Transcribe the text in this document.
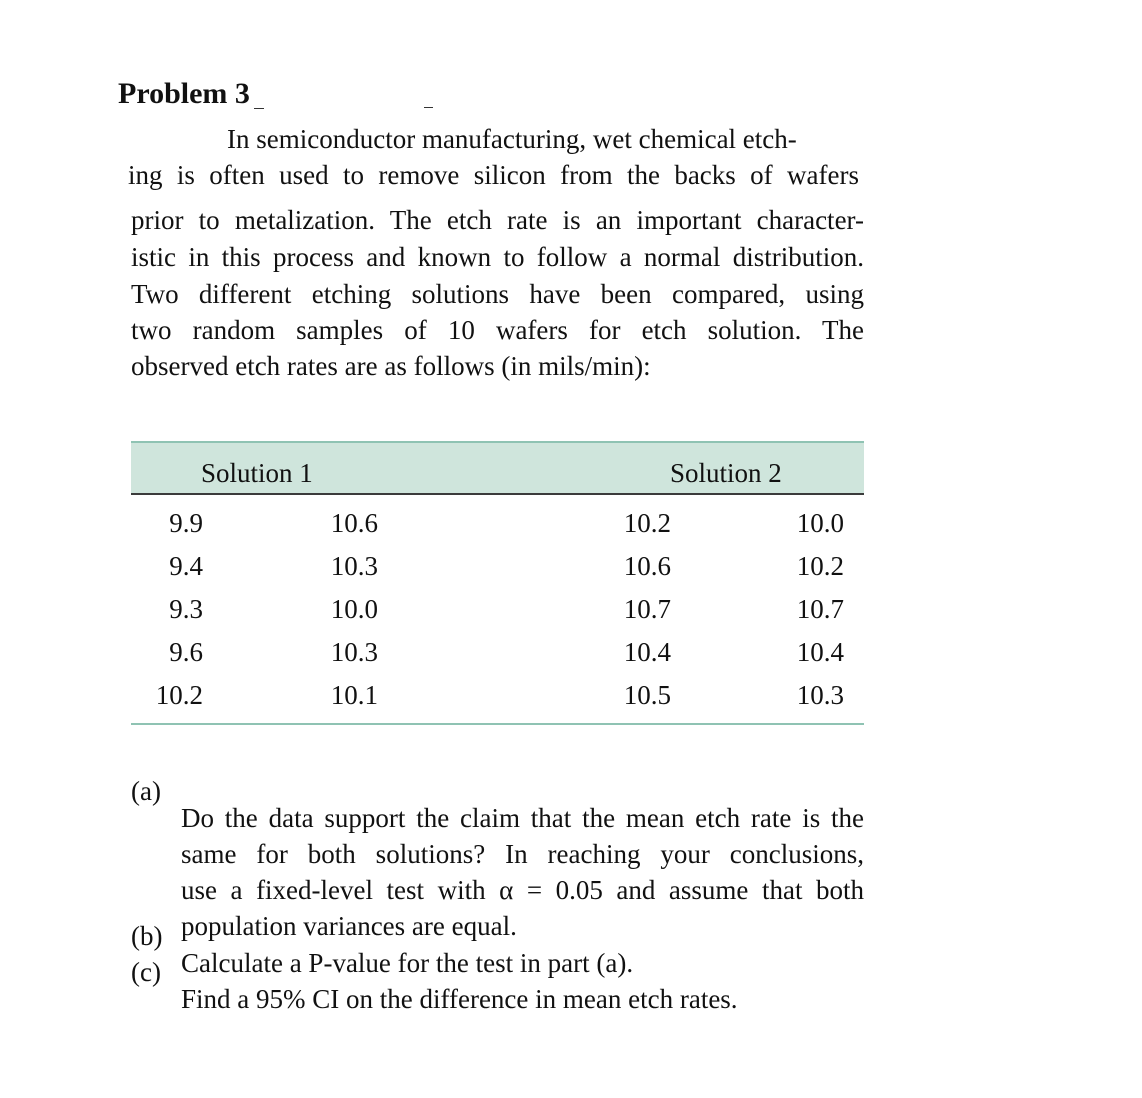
Problem 3

In semiconductor manufacturing, wet chemical etch-

ing is often used to remove silicon from the backs of wafers

prior to metalization. The etch rate is an important character-

istic in this process and known to follow a normal distribution.

Two different etching solutions have been compared, using

two random samples of 10 wafers for etch solution. The

observed etch rates are as follows (in mils/min):

Solution 1	Solution 2
9.9	10.6	10.2	10.0
9.4	10.3	10.6	10.2
9.3	10.0	10.7	10.7
9.6	10.3	10.4	10.4
10.2	10.1	10.5	10.3
(a)

Do the data support the claim that the mean etch rate is the

same for both solutions? In reaching your conclusions,

use a fixed-level test with α = 0.05 and assume that both

population variances are equal.

(b)

Calculate a P-value for the test in part (a).

(c)

Find a 95% CI on the difference in mean etch rates.
